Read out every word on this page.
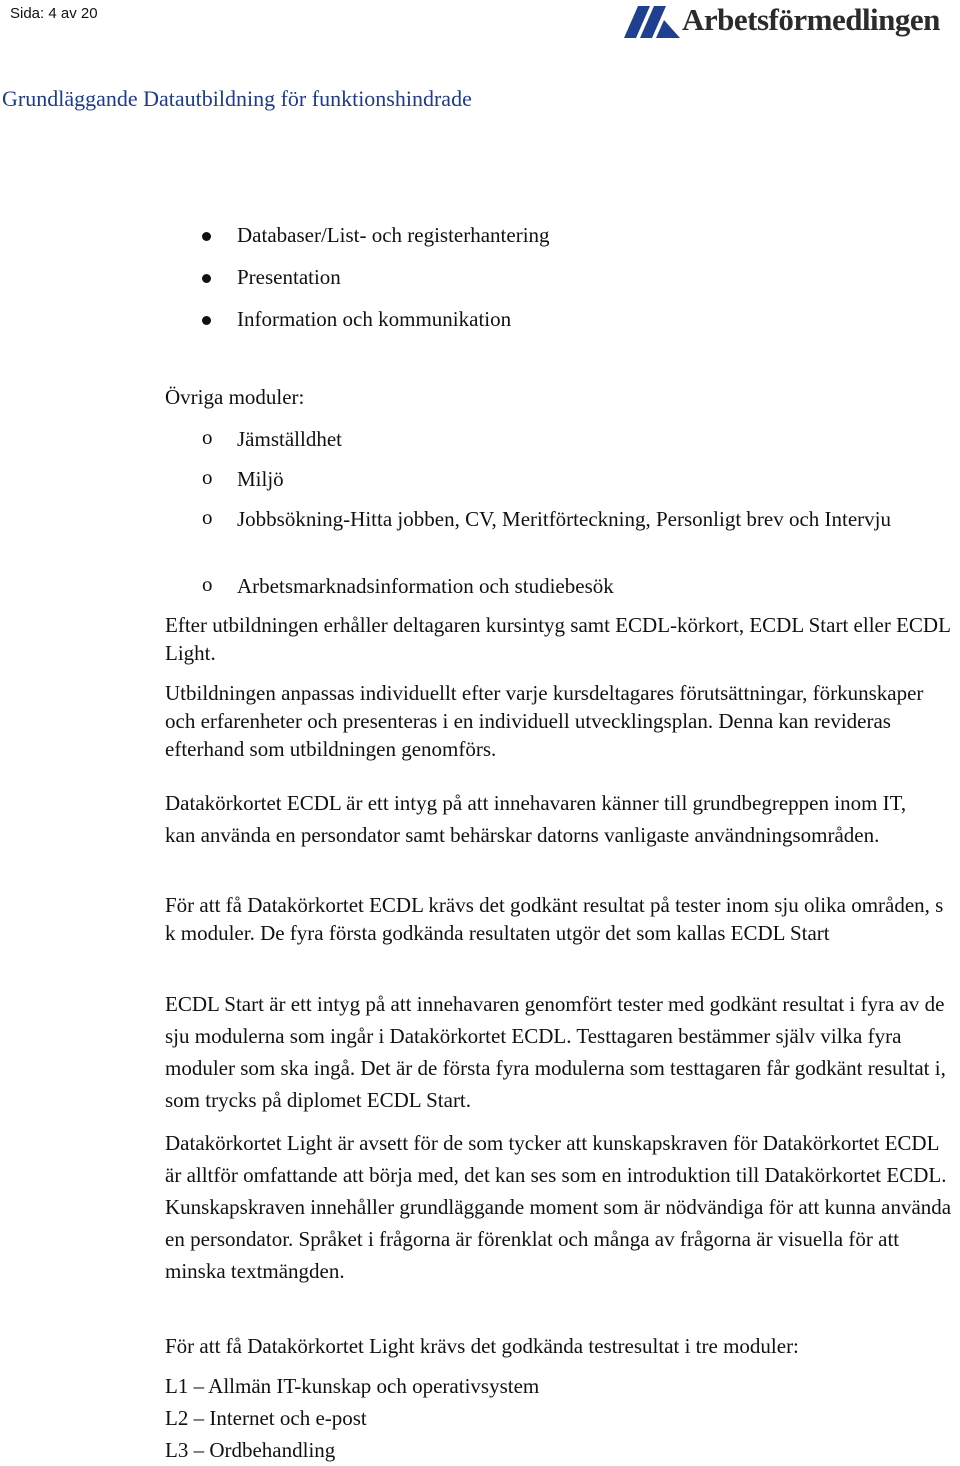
Sida: 4 av 20	Arbetsförmedlingen
Grundläggande Datautbildning för funktionshindrade
Databaser/List- och registerhantering
Presentation
Information och kommunikation
Övriga moduler:
o Jämställdhet
o Miljö
o Jobbsökning-Hitta jobben, CV, Meritförteckning, Personligt brev och Intervju
o Arbetsmarknadsinformation och studiebesök

Efter utbildningen erhåller deltagaren kursintyg samt ECDL-körkort, ECDL Start eller ECDL Light.

Utbildningen anpassas individuellt efter varje kursdeltagares förutsättningar, förkunskaper och erfarenheter och presenteras i en individuell utvecklingsplan. Denna kan revideras efterhand som utbildningen genomförs.

Datakörkortet ECDL är ett intyg på att innehavaren känner till grundbegreppen inom IT, kan använda en persondator samt behärskar datorns vanligaste användningsområden.

För att få Datakörkortet ECDL krävs det godkänt resultat på tester inom sju olika områden, s k moduler. De fyra första godkända resultaten utgör det som kallas ECDL Start

ECDL Start är ett intyg på att innehavaren genomfört tester med godkänt resultat i fyra av de sju modulerna som ingår i Datakörkortet ECDL. Testtagaren bestämmer själv vilka fyra moduler som ska ingå. Det är de första fyra modulerna som testtagaren får godkänt resultat i, som trycks på diplomet ECDL Start.

Datakörkortet Light är avsett för de som tycker att kunskapskraven för Datakörkortet ECDL är alltför omfattande att börja med, det kan ses som en introduktion till Datakörkortet ECDL. Kunskapskraven innehåller grundläggande moment som är nödvändiga för att kunna använda en persondator. Språket i frågorna är förenklat och många av frågorna är visuella för att minska textmängden.

För att få Datakörkortet Light krävs det godkända testresultat i tre moduler:

L1 – Allmän IT-kunskap och operativsystem
L2 – Internet och e-post
L3 – Ordbehandling
